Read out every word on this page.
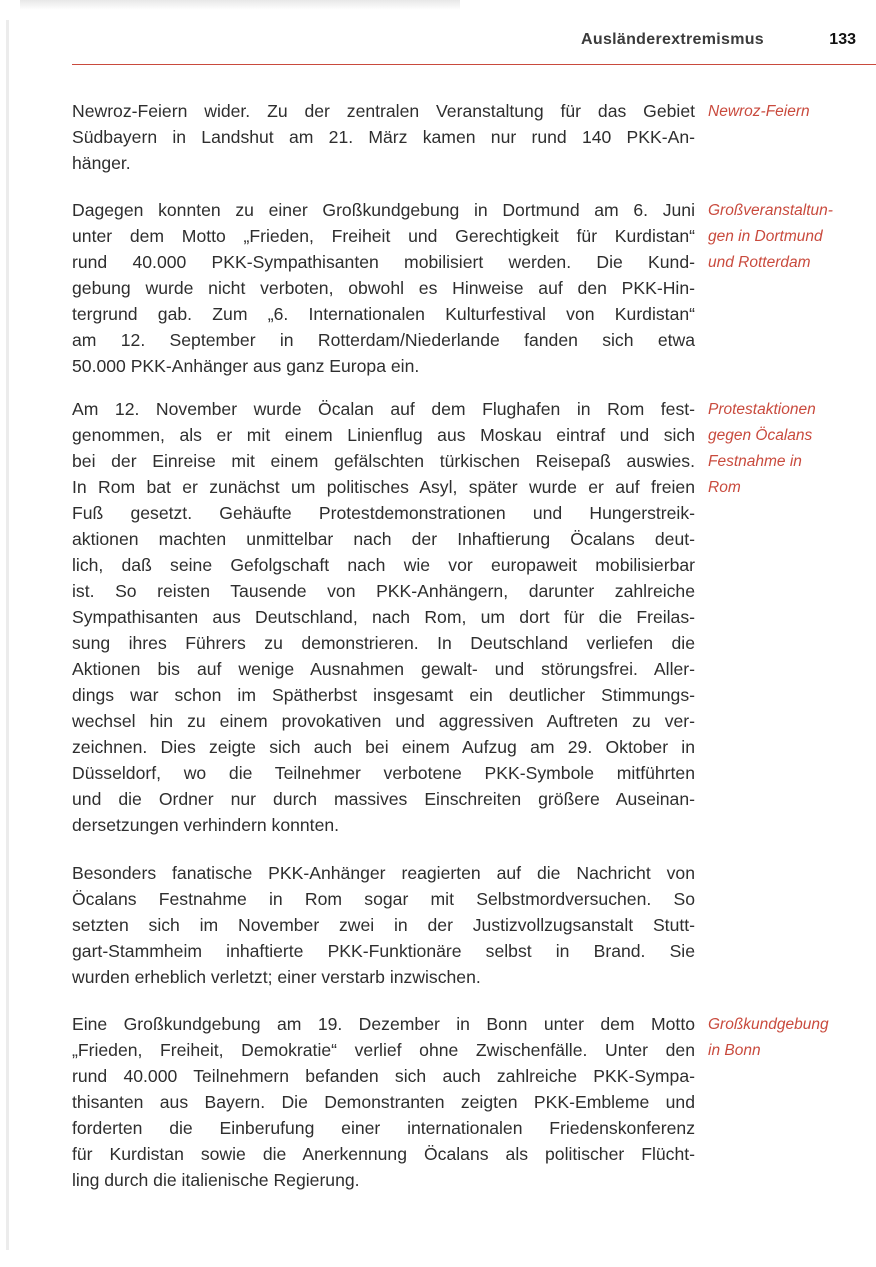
Ausländerextremismus	133

Newroz-Feiern wider. Zu der zentralen Veranstaltung für das Gebiet
Südbayern in Landshut am 21. März kamen nur rund 140 PKK-An-
hänger.

Dagegen konnten zu einer Großkundgebung in Dortmund am 6. Juni
unter dem Motto „Frieden, Freiheit und Gerechtigkeit für Kurdistan“
rund 40.000 PKK-Sympathisanten mobilisiert werden. Die Kund-
gebung wurde nicht verboten, obwohl es Hinweise auf den PKK-Hin-
tergrund gab. Zum „6. Internationalen Kulturfestival von Kurdistan“
am 12. September in Rotterdam/Niederlande fanden sich etwa
50.000 PKK-Anhänger aus ganz Europa ein.

Am 12. November wurde Öcalan auf dem Flughafen in Rom fest-
genommen, als er mit einem Linienflug aus Moskau eintraf und sich
bei der Einreise mit einem gefälschten türkischen Reisepaß auswies.
In Rom bat er zunächst um politisches Asyl, später wurde er auf freien
Fuß gesetzt. Gehäufte Protestdemonstrationen und Hungerstreik-
aktionen machten unmittelbar nach der Inhaftierung Öcalans deut-
lich, daß seine Gefolgschaft nach wie vor europaweit mobilisierbar
ist. So reisten Tausende von PKK-Anhängern, darunter zahlreiche
Sympathisanten aus Deutschland, nach Rom, um dort für die Freilas-
sung ihres Führers zu demonstrieren. In Deutschland verliefen die
Aktionen bis auf wenige Ausnahmen gewalt- und störungsfrei. Aller-
dings war schon im Spätherbst insgesamt ein deutlicher Stimmungs-
wechsel hin zu einem provokativen und aggressiven Auftreten zu ver-
zeichnen. Dies zeigte sich auch bei einem Aufzug am 29. Oktober in
Düsseldorf, wo die Teilnehmer verbotene PKK-Symbole mitführten
und die Ordner nur durch massives Einschreiten größere Auseinan-
dersetzungen verhindern konnten.

Besonders fanatische PKK-Anhänger reagierten auf die Nachricht von
Öcalans Festnahme in Rom sogar mit Selbstmordversuchen. So
setzten sich im November zwei in der Justizvollzugsanstalt Stutt-
gart-Stammheim inhaftierte PKK-Funktionäre selbst in Brand. Sie
wurden erheblich verletzt; einer verstarb inzwischen.

Eine Großkundgebung am 19. Dezember in Bonn unter dem Motto
„Frieden, Freiheit, Demokratie“ verlief ohne Zwischenfälle. Unter den
rund 40.000 Teilnehmern befanden sich auch zahlreiche PKK-Sympa-
thisanten aus Bayern. Die Demonstranten zeigten PKK-Embleme und
forderten die Einberufung einer internationalen Friedenskonferenz
für Kurdistan sowie die Anerkennung Öcalans als politischer Flücht-
ling durch die italienische Regierung.

Newroz-Feiern
Großveranstaltun-
gen in Dortmund
und Rotterdam
Protestaktionen
gegen Öcalans
Festnahme in
Rom
Großkundgebung
in Bonn
